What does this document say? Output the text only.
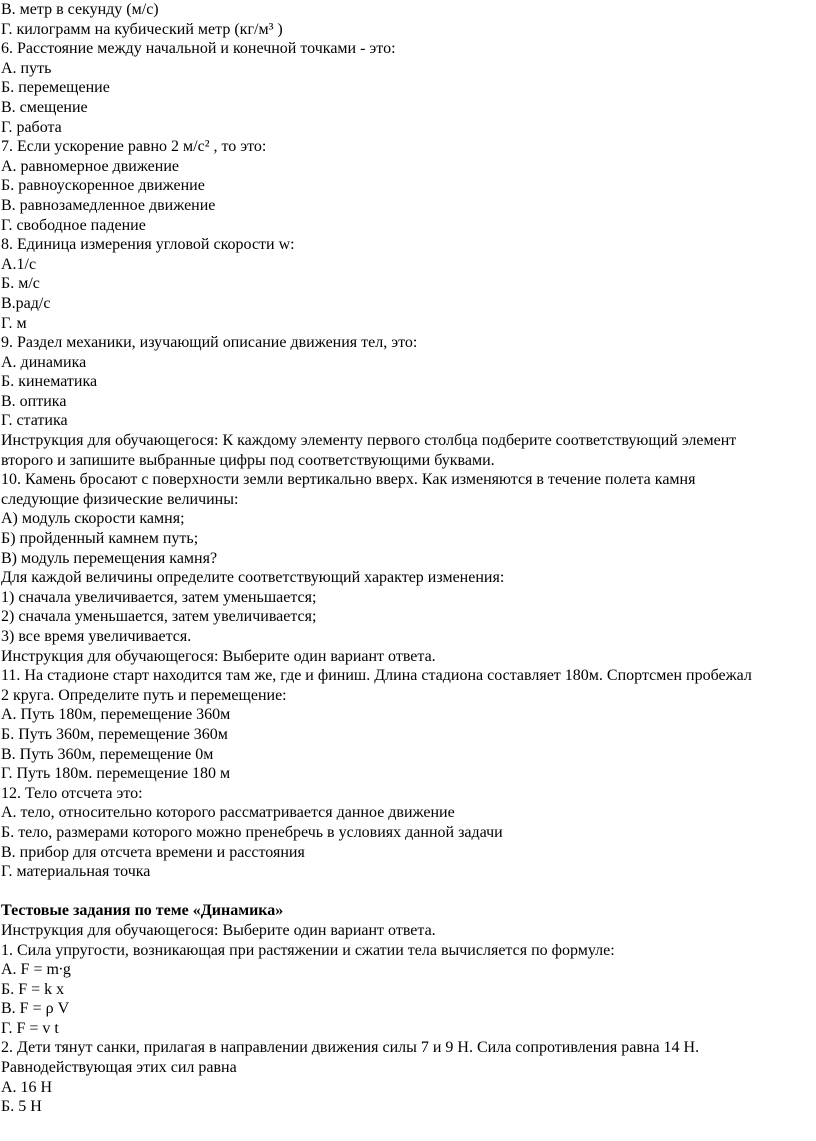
В. метр в секунду (м/с)

Г. килограмм на кубический метр (кг/м³ )

6. Расстояние между начальной и конечной точками - это:

А. путь

Б. перемещение

В. смещение

Г. работа

7. Если ускорение равно 2 м/с² , то это:

А. равномерное движение

Б. равноускоренное движение

В. равнозамедленное движение

Г. свободное падение

8. Единица измерения угловой скорости w:

А.1/с

Б. м/с

В.рад/с

Г. м

9. Раздел механики, изучающий описание движения тел, это:

А. динамика

Б. кинематика

В. оптика

Г. статика

Инструкция для обучающегося: К каждому элементу первого столбца подберите соответствующий элемент

второго и запишите выбранные цифры под соответствующими буквами.

10. Камень бросают с поверхности земли вертикально вверх. Как изменяются в течение полета камня

следующие физические величины:

А) модуль скорости камня;

Б) пройденный камнем путь;

В) модуль перемещения камня?

Для каждой величины определите соответствующий характер изменения:

1) сначала увеличивается, затем уменьшается;

2) сначала уменьшается, затем увеличивается;

3) все время увеличивается.

Инструкция для обучающегося: Выберите один вариант ответа.

11. На стадионе старт находится там же, где и финиш. Длина стадиона составляет 180м. Спортсмен пробежал

2 круга. Определите путь и перемещение:

А. Путь 180м, перемещение 360м

Б. Путь 360м, перемещение 360м

В. Путь 360м, перемещение 0м

Г. Путь 180м. перемещение 180 м

12. Тело отсчета это:

А. тело, относительно которого рассматривается данное движение

Б. тело, размерами которого можно пренебречь в условиях данной задачи

В. прибор для отсчета времени и расстояния

Г. материальная точка

Тестовые задания по теме «Динамика»

Инструкция для обучающегося: Выберите один вариант ответа.

1. Сила упругости, возникающая при растяжении и сжатии тела вычисляется по формуле:

А. F = m∙g

Б. F = k x

В. F = ρ V

Г. F = v t

2. Дети тянут санки, прилагая в направлении движения силы 7 и 9 Н. Сила сопротивления равна 14 Н.

Равнодействующая этих сил равна

А. 16 Н

Б. 5 Н
